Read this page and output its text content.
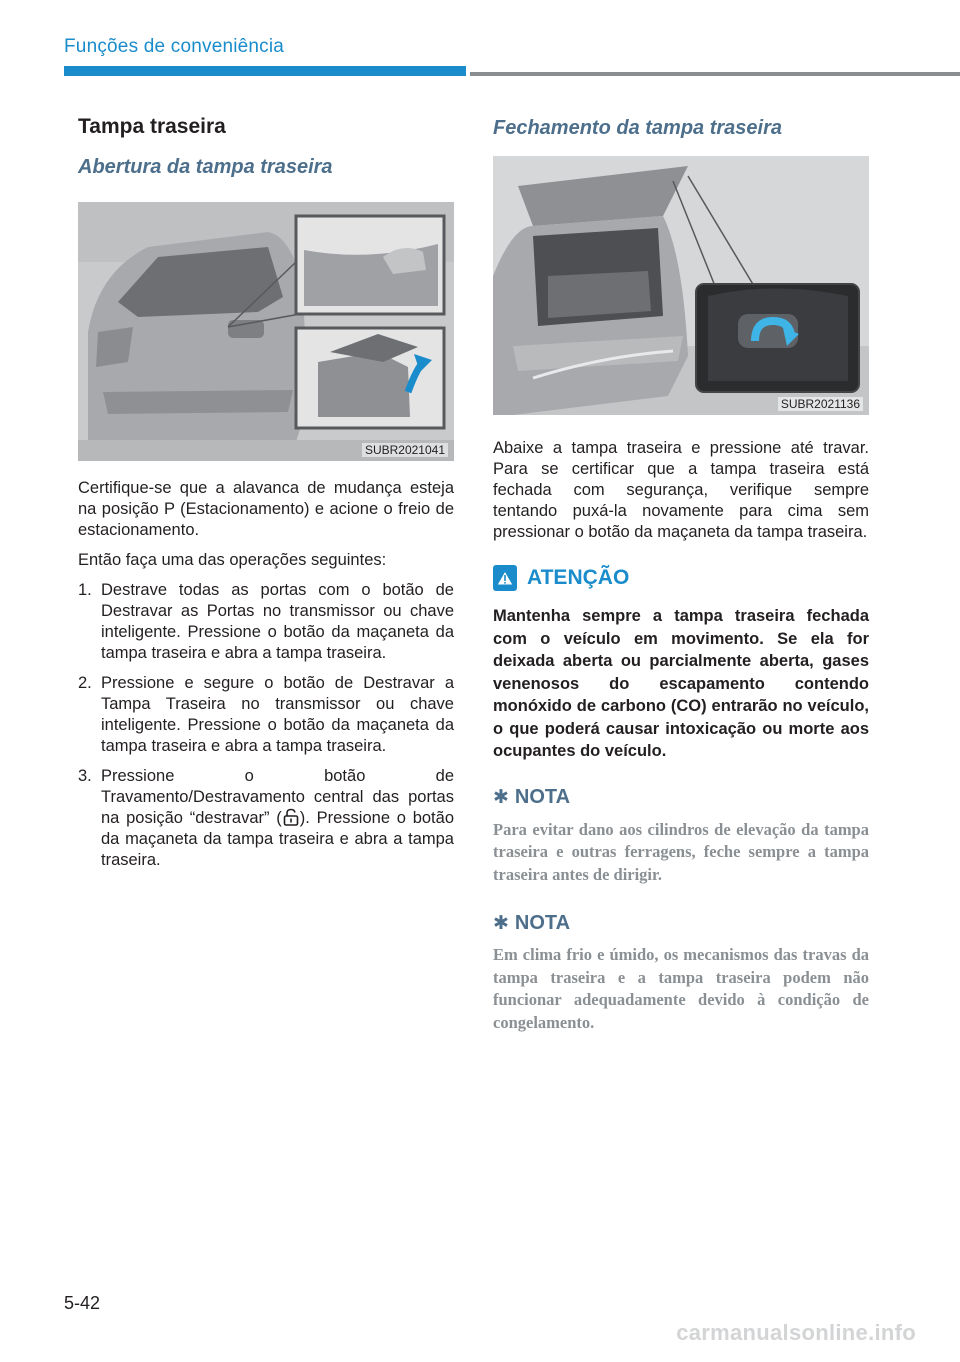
Funções de conveniência
Tampa traseira
Abertura da tampa traseira
SUBR2021041

Certifique-se que a alavanca de mudança esteja na posição P (Estacionamento) e acione o freio de estacionamento.

Então faça uma das operações seguintes:

1. Destrave todas as portas com o botão de Destravar as Portas no transmissor ou chave inteligente. Pressione o botão da maçaneta da tampa traseira e abra a tampa traseira.
2. Pressione e segure o botão de Destravar a Tampa Traseira no transmissor ou chave inteligente. Pressione o botão da maçaneta da tampa traseira e abra a tampa traseira.
3. Pressione o botão de Travamento/Destravamento central das portas na posição “destravar” ( ). Pressione o botão da maçaneta da tampa traseira e abra a tampa traseira.
Fechamento da tampa traseira
SUBR2021136

Abaixe a tampa traseira e pressione até travar. Para se certificar que a tampa traseira está fechada com segurança, verifique sempre tentando puxá-la novamente para cima sem pressionar o botão da maçaneta da tampa traseira.

ATENÇÃO

Mantenha sempre a tampa traseira fechada com o veículo em movimento. Se ela for deixada aberta ou parcialmente aberta, gases venenosos do escapamento contendo monóxido de carbono (CO) entrarão no veículo, o que poderá causar intoxicação ou morte aos ocupantes do veículo.

✱ NOTA

Para evitar dano aos cilindros de elevação da tampa traseira e outras ferragens, feche sempre a tampa traseira antes de dirigir.

✱ NOTA

Em clima frio e úmido, os mecanismos das travas da tampa traseira e a tampa traseira podem não funcionar adequadamente devido à condição de congelamento.

5-42
carmanualsonline.info
